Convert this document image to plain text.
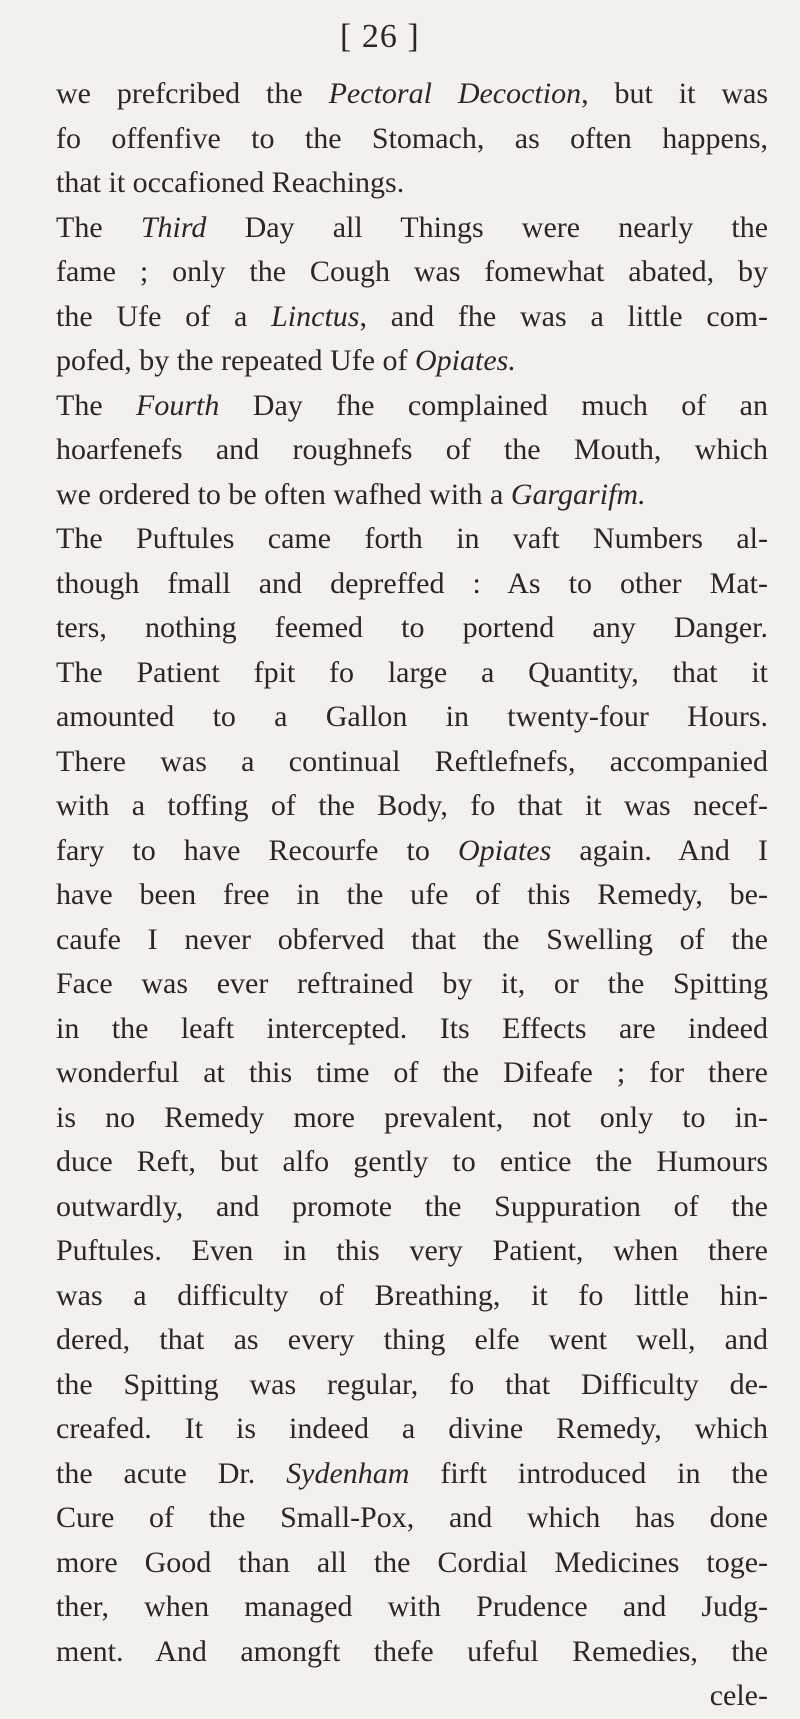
[ 26 ]
we prefcribed the Pectoral Decoction, but it was
fo offenfive to the Stomach, as often happens,
that it occafioned Reachings.
The Third Day all Things were nearly the
fame ; only the Cough was fomewhat abated, by
the Ufe of a Linctus, and fhe was a little com-
pofed, by the repeated Ufe of Opiates.
The Fourth Day fhe complained much of an
hoarfenefs and roughnefs of the Mouth, which
we ordered to be often wafhed with a Gargarifm.
The Puftules came forth in vaft Numbers al-
though fmall and depreffed : As to other Mat-
ters, nothing feemed to portend any Danger.
The Patient fpit fo large a Quantity, that it
amounted to a Gallon in twenty-four Hours.
There was a continual Reftlefnefs, accompanied
with a toffing of the Body, fo that it was necef-
fary to have Recourfe to Opiates again. And I
have been free in the ufe of this Remedy, be-
caufe I never obferved that the Swelling of the
Face was ever reftrained by it, or the Spitting
in the leaft intercepted. Its Effects are indeed
wonderful at this time of the Difeafe ; for there
is no Remedy more prevalent, not only to in-
duce Reft, but alfo gently to entice the Humours
outwardly, and promote the Suppuration of the
Puftules. Even in this very Patient, when there
was a difficulty of Breathing, it fo little hin-
dered, that as every thing elfe went well, and
the Spitting was regular, fo that Difficulty de-
creafed. It is indeed a divine Remedy, which
the acute Dr. Sydenham firft introduced in the
Cure of the Small-Pox, and which has done
more Good than all the Cordial Medicines toge-
ther, when managed with Prudence and Judg-
ment. And amongft thefe ufeful Remedies, the
cele-
